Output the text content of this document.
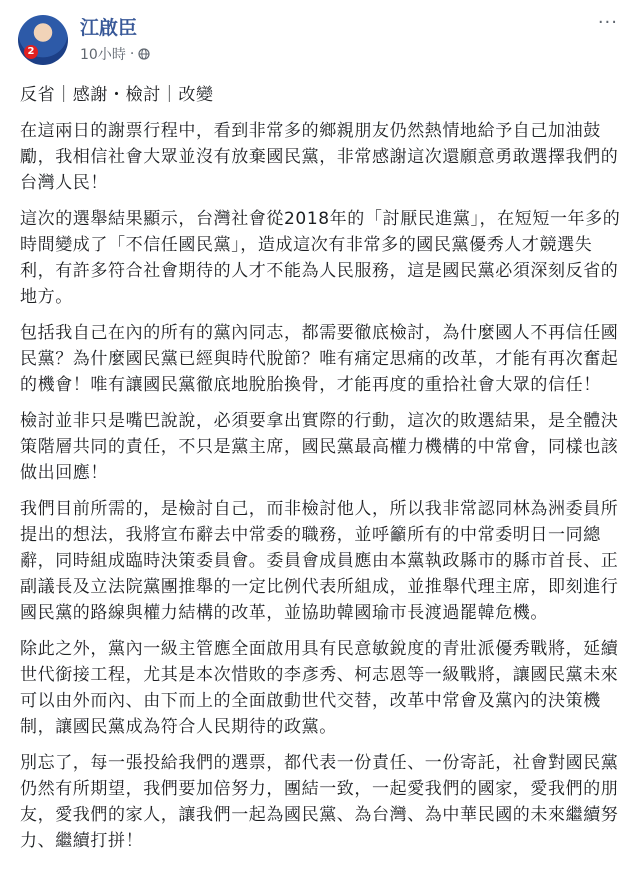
2
江啟臣
10小時 ·
···

反省｜感謝・檢討｜改變

在這兩日的謝票行程中，看到非常多的鄉親朋友仍然熱情地給予自己加油鼓勵，我相信社會大眾並沒有放棄國民黨，非常感謝這次還願意勇敢選擇我們的台灣人民！

這次的選舉結果顯示，台灣社會從2018年的「討厭民進黨」，在短短一年多的時間變成了「不信任國民黨」，造成這次有非常多的國民黨優秀人才競選失利，有許多符合社會期待的人才不能為人民服務，這是國民黨必須深刻反省的地方。

包括我自己在內的所有的黨內同志，都需要徹底檢討，為什麼國人不再信任國民黨？為什麼國民黨已經與時代脫節？唯有痛定思痛的改革，才能有再次奮起的機會！唯有讓國民黨徹底地脫胎換骨，才能再度的重拾社會大眾的信任！

檢討並非只是嘴巴說說，必須要拿出實際的行動，這次的敗選結果，是全體決策階層共同的責任，不只是黨主席，國民黨最高權力機構的中常會，同樣也該做出回應！

我們目前所需的，是檢討自己，而非檢討他人，所以我非常認同林為洲委員所提出的想法，我將宣布辭去中常委的職務，並呼籲所有的中常委明日一同總辭，同時組成臨時決策委員會。委員會成員應由本黨執政縣市的縣市首長、正副議長及立法院黨團推舉的一定比例代表所組成，並推舉代理主席，即刻進行國民黨的路線與權力結構的改革，並協助韓國瑜市長渡過罷韓危機。

除此之外，黨內一級主管應全面啟用具有民意敏銳度的青壯派優秀戰將，延續世代銜接工程，尤其是本次惜敗的李彥秀、柯志恩等一級戰將，讓國民黨未來可以由外而內、由下而上的全面啟動世代交替，改革中常會及黨內的決策機制，讓國民黨成為符合人民期待的政黨。

別忘了，每一張投給我們的選票，都代表一份責任、一份寄託，社會對國民黨仍然有所期望，我們要加倍努力，團結一致，一起愛我們的國家，愛我們的朋友，愛我們的家人，讓我們一起為國民黨、為台灣、為中華民國的未來繼續努力、繼續打拼！
